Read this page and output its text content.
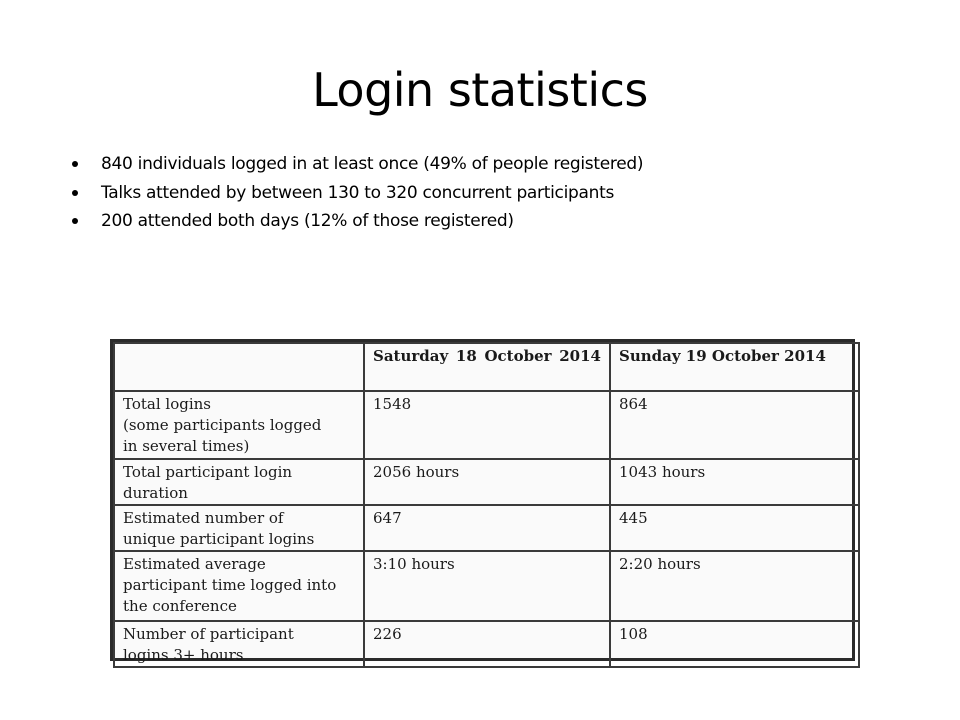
Login statistics
840 individuals logged in at least once (49% of people registered)
Talks attended by between 130 to 320 concurrent participants
200 attended both days (12% of those registered)

	Saturday 18 October 2014	Sunday 19 October 2014

Total logins
(some participants logged
in several times)	1548	864

Total participant login
duration	2056 hours	1043 hours

Estimated number of
unique participant logins	647	445

Estimated average
participant time logged into
the conference	3:10 hours	2:20 hours

Number of participant
logins 3+ hours	226	108
